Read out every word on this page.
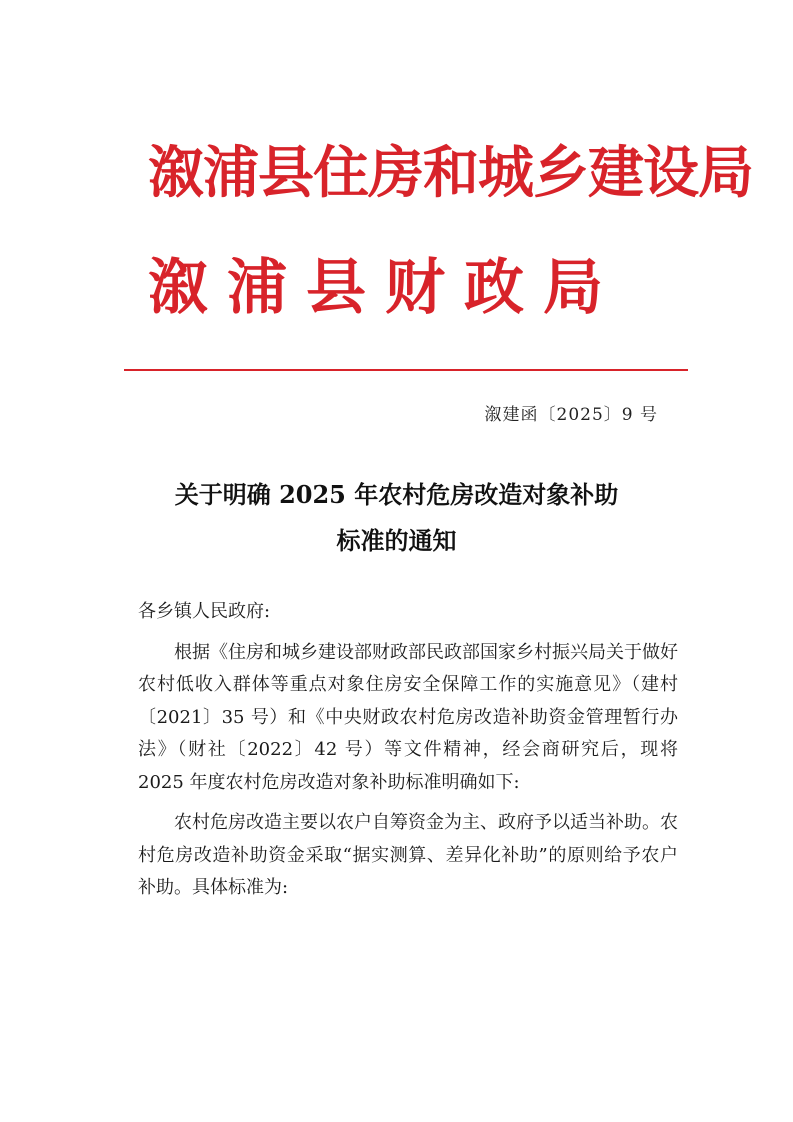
溆浦县住房和城乡建设局
溆浦县财政局
溆建函〔2025〕9 号
关于明确 2025 年农村危房改造对象补助
标准的通知

各乡镇人民政府:

根据《住房和城乡建设部财政部民政部国家乡村振兴局关于做好农村低收入群体等重点对象住房安全保障工作的实施意见》（建村〔2021〕35 号）和《中央财政农村危房改造补助资金管理暂行办法》（财社〔2022〕42 号）等文件精神，经会商研究后，现将 2025 年度农村危房改造对象补助标准明确如下:

农村危房改造主要以农户自筹资金为主、政府予以适当补助。农村危房改造补助资金采取“据实测算、差异化补助”的原则给予农户补助。具体标准为:
